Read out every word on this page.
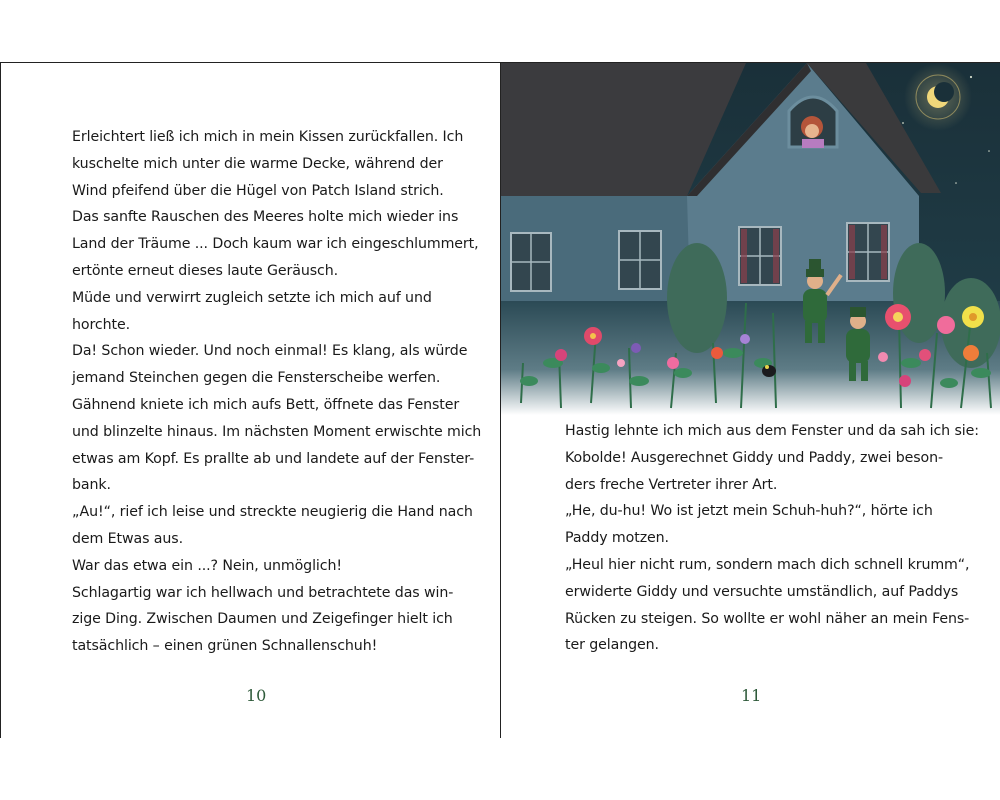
Erleichtert ließ ich mich in mein Kissen zurückfallen. Ich

kuschelte mich unter die warme Decke, während der

Wind pfeifend über die Hügel von Patch Island strich.

Das sanfte Rauschen des Meeres holte mich wieder ins

Land der Träume ... Doch kaum war ich eingeschlummert,

ertönte erneut dieses laute Geräusch.

Müde und verwirrt zugleich setzte ich mich auf und

horchte.

Da! Schon wieder. Und noch einmal! Es klang, als würde

jemand Steinchen gegen die Fensterscheibe werfen.

Gähnend kniete ich mich aufs Bett, öffnete das Fenster

und blinzelte hinaus. Im nächsten Moment erwischte mich

etwas am Kopf. Es prallte ab und landete auf der Fenster-

bank.

„Au!“, rief ich leise und streckte neugierig die Hand nach

dem Etwas aus.

War das etwa ein ...? Nein, unmöglich!

Schlagartig war ich hellwach und betrachtete das win-

zige Ding. Zwischen Daumen und Zeigefinger hielt ich

tatsächlich – einen grünen Schnallenschuh!

10

Hastig lehnte ich mich aus dem Fenster und da sah ich sie:

Kobolde! Ausgerechnet Giddy und Paddy, zwei beson-

ders freche Vertreter ihrer Art.

„He, du-hu! Wo ist jetzt mein Schuh-huh?“, hörte ich

Paddy motzen.

„Heul hier nicht rum, sondern mach dich schnell krumm“,

erwiderte Giddy und versuchte umständlich, auf Paddys

Rücken zu steigen. So wollte er wohl näher an mein Fens-

ter gelangen.

11
